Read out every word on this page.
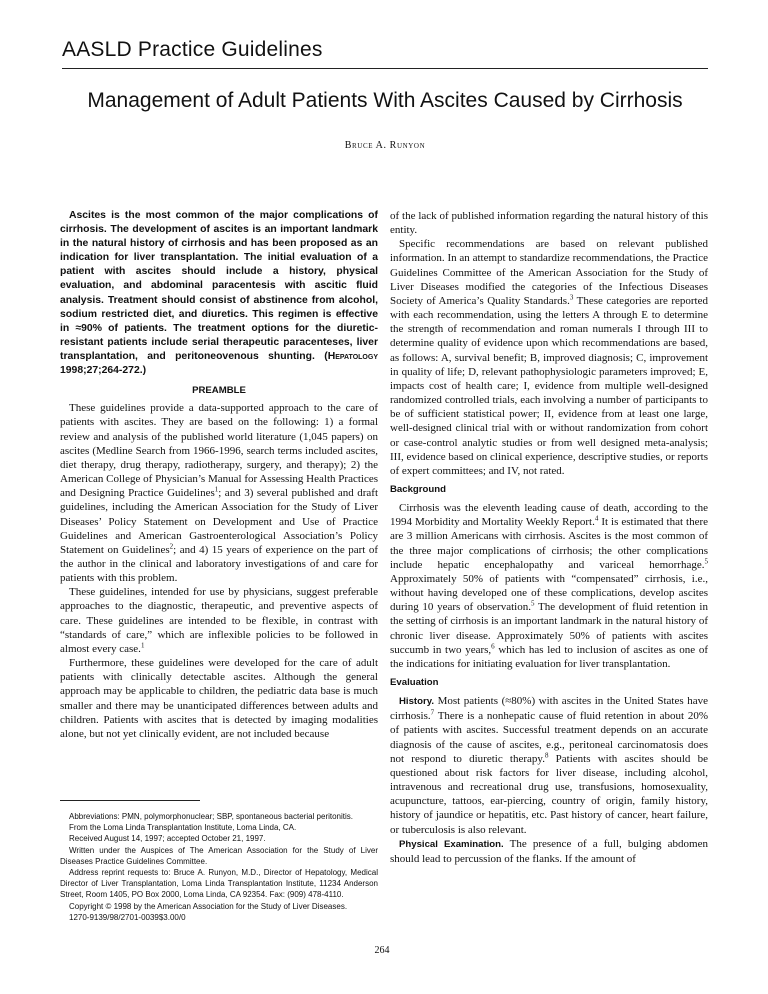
AASLD Practice Guidelines
Management of Adult Patients With Ascites Caused by Cirrhosis
Bruce A. Runyon

Ascites is the most common of the major complications of cirrhosis. The development of ascites is an important landmark in the natural history of cirrhosis and has been proposed as an indication for liver transplantation. The initial evaluation of a patient with ascites should include a history, physical evaluation, and abdominal paracentesis with ascitic fluid analysis. Treatment should consist of abstinence from alcohol, sodium restricted diet, and diuretics. This regimen is effective in ≈90% of patients. The treatment options for the diuretic-resistant patients include serial therapeutic paracenteses, liver transplantation, and peritoneovenous shunting. (Hepatology 1998;27;264-272.)

PREAMBLE

These guidelines provide a data-supported approach to the care of patients with ascites. They are based on the following: 1) a formal review and analysis of the published world literature (1,045 papers) on ascites (Medline Search from 1966-1996, search terms included ascites, diet therapy, drug therapy, radiotherapy, surgery, and therapy); 2) the American College of Physician’s Manual for Assessing Health Practices and Designing Practice Guidelines$^1$; and 3) several published and draft guidelines, including the American Association for the Study of Liver Diseases’ Policy Statement on Development and Use of Practice Guidelines and American Gastroenterological Association’s Policy Statement on Guidelines$^2$; and 4) 15 years of experience on the part of the author in the clinical and laboratory investigations of and care for patients with this problem.

These guidelines, intended for use by physicians, suggest preferable approaches to the diagnostic, therapeutic, and preventive aspects of care. These guidelines are intended to be flexible, in contrast with “standards of care,” which are inflexible policies to be followed in almost every case.$^1$

Furthermore, these guidelines were developed for the care of adult patients with clinically detectable ascites. Although the general approach may be applicable to children, the pediatric data base is much smaller and there may be unanticipated differences between adults and children. Patients with ascites that is detected by imaging modalities alone, but not yet clinically evident, are not included because

Abbreviations: PMN, polymorphonuclear; SBP, spontaneous bacterial peritonitis.

From the Loma Linda Transplantation Institute, Loma Linda, CA.

Received August 14, 1997; accepted October 21, 1997.

Written under the Auspices of The American Association for the Study of Liver Diseases Practice Guidelines Committee.

Address reprint requests to: Bruce A. Runyon, M.D., Director of Hepatology, Medical Director of Liver Transplantation, Loma Linda Transplantation Institute, 11234 Anderson Street, Room 1405, PO Box 2000, Loma Linda, CA 92354. Fax: (909) 478-4110.

Copyright © 1998 by the American Association for the Study of Liver Diseases.

1270-9139/98/2701-0039$3.00/0

of the lack of published information regarding the natural history of this entity.

Specific recommendations are based on relevant published information. In an attempt to standardize recommendations, the Practice Guidelines Committee of the American Association for the Study of Liver Diseases modified the categories of the Infectious Diseases Society of America’s Quality Standards.$^3$ These categories are reported with each recommendation, using the letters A through E to determine the strength of recommendation and roman numerals I through III to determine quality of evidence upon which recommendations are based, as follows: A, survival benefit; B, improved diagnosis; C, improvement in quality of life; D, relevant pathophysiologic parameters improved; E, impacts cost of health care; I, evidence from multiple well-designed randomized controlled trials, each involving a number of participants to be of sufficient statistical power; II, evidence from at least one large, well-designed clinical trial with or without randomization from cohort or case-control analytic studies or from well designed meta-analysis; III, evidence based on clinical experience, descriptive studies, or reports of expert committees; and IV, not rated.

Background

Cirrhosis was the eleventh leading cause of death, according to the 1994 Morbidity and Mortality Weekly Report.$^4$ It is estimated that there are 3 million Americans with cirrhosis. Ascites is the most common of the three major complications of cirrhosis; the other complications include hepatic encephalopathy and variceal hemorrhage.$^5$ Approximately 50% of patients with “compensated” cirrhosis, i.e., without having developed one of these complications, develop ascites during 10 years of observation.$^5$ The development of fluid retention in the setting of cirrhosis is an important landmark in the natural history of chronic liver disease. Approximately 50% of patients with ascites succumb in two years,$^6$ which has led to inclusion of ascites as one of the indications for initiating evaluation for liver transplantation.

Evaluation

History. Most patients (≈80%) with ascites in the United States have cirrhosis.$^7$ There is a nonhepatic cause of fluid retention in about 20% of patients with ascites. Successful treatment depends on an accurate diagnosis of the cause of ascites, e.g., peritoneal carcinomatosis does not respond to diuretic therapy.$^8$ Patients with ascites should be questioned about risk factors for liver disease, including alcohol, intravenous and recreational drug use, transfusions, homosexuality, acupuncture, tattoos, ear-piercing, country of origin, family history, history of jaundice or hepatitis, etc. Past history of cancer, heart failure, or tuberculosis is also relevant.

Physical Examination. The presence of a full, bulging abdomen should lead to percussion of the flanks. If the amount of

264
